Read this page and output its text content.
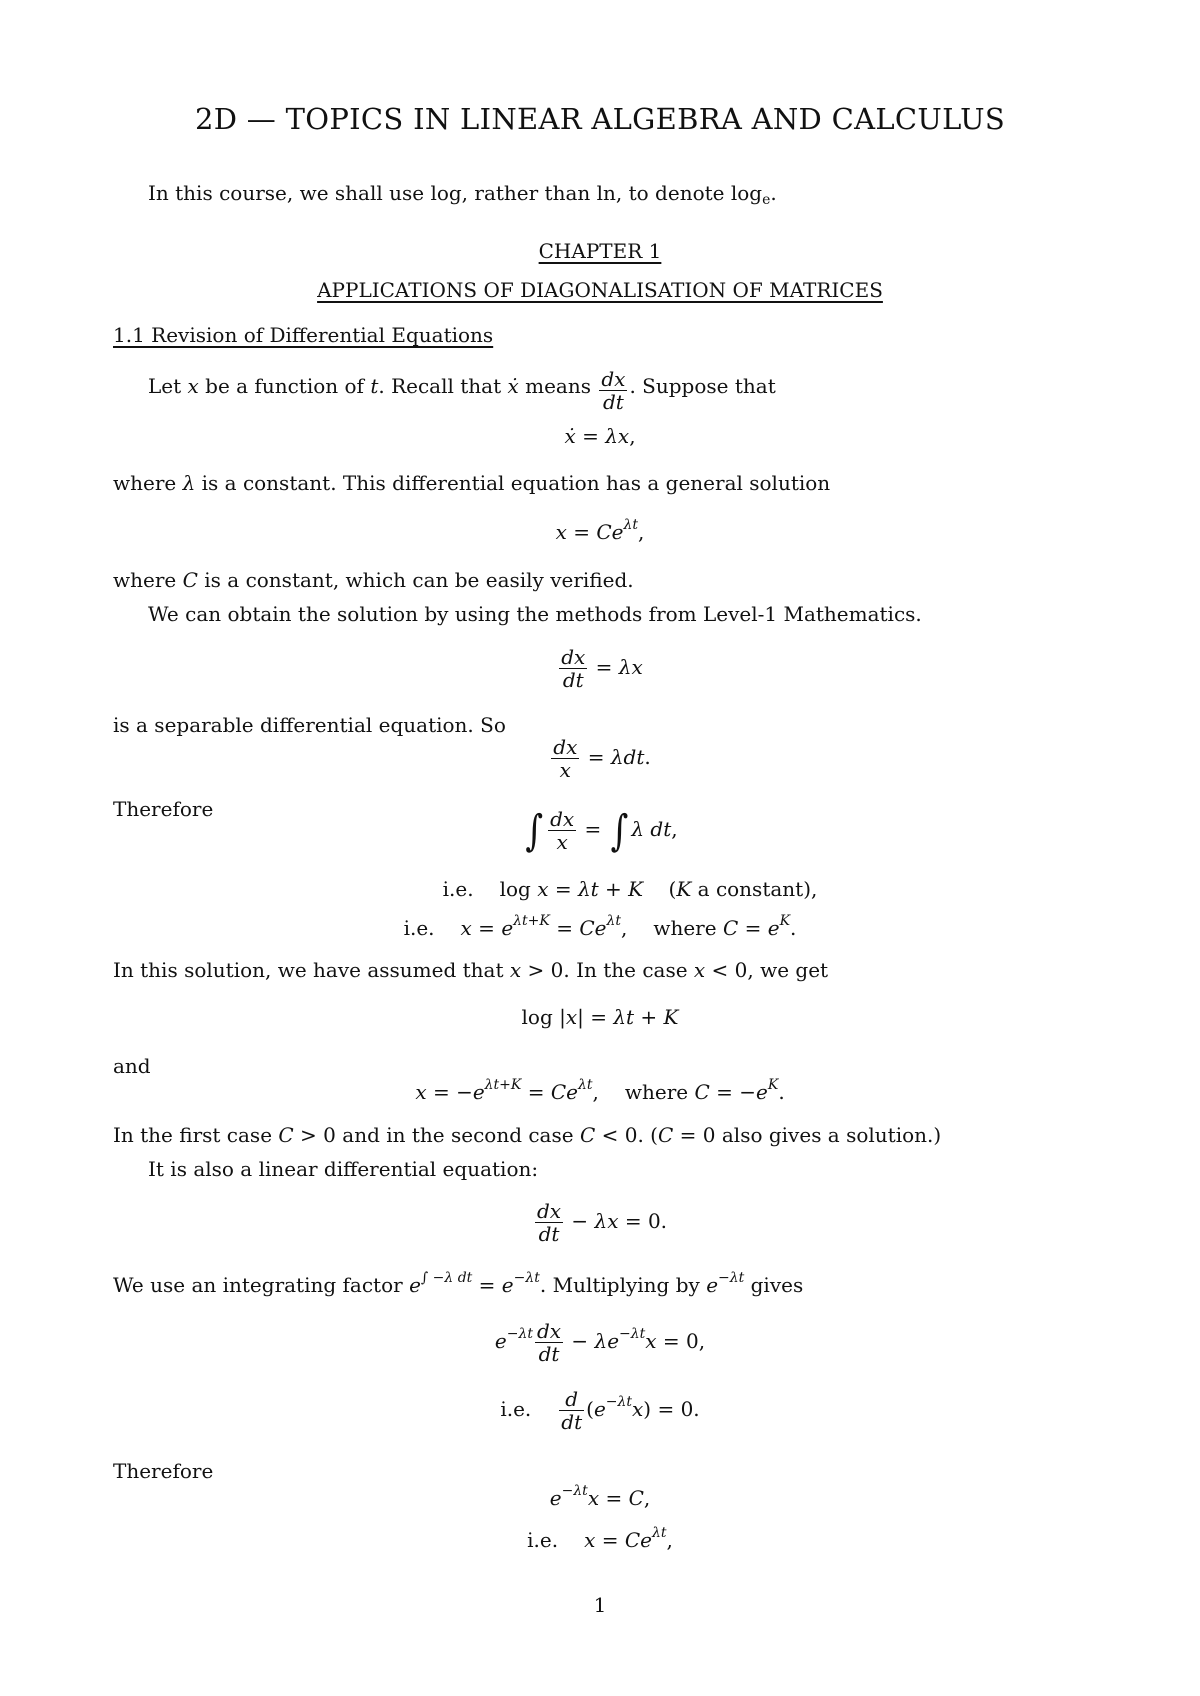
2D — TOPICS IN LINEAR ALGEBRA AND CALCULUS
In this course, we shall use log, rather than ln, to denote $\log_e$.
CHAPTER 1
APPLICATIONS OF DIAGONALISATION OF MATRICES
1.1 Revision of Differential Equations
Let x be a function of t. Recall that ẋ means $\frac{dx}{dt}$ . Suppose that
ẋ = λx,
where λ is a constant. This differential equation has a general solution
$x = Ce^{\lambda t}$,
where C is a constant, which can be easily verified.
We can obtain the solution by using the methods from Level-1 Mathematics.
$\frac{dx}{dt} = \lambda x$
is a separable differential equation. So
$\frac{dx}{x} = \lambda dt$.
Therefore	∫ $\frac{dx}{x}$ = ∫ λ dt,
i.e. log x = λt + K    (K a constant),
i.e. $x = e^{\lambda t+K} = Ce^{\lambda t}$, where $C = e^K$.
In this solution, we have assumed that x > 0. In the case x < 0, we get
log |x| = λt + K
and
$x = -e^{\lambda t+K} = Ce^{\lambda t}$, where $C = -e^K$.
In the first case C > 0 and in the second case C < 0. (C = 0 also gives a solution.)
It is also a linear differential equation:
$\frac{dx}{dt} - \lambda x = 0$.
We use an integrating factor $e^{\int -\lambda dt} = e^{-\lambda t}$. Multiplying by $e^{-\lambda t}$ gives
$e^{-\lambda t} \frac{dx}{dt} - \lambda e^{-\lambda t}x = 0$,
i.e. $\frac{d}{dt} (e^{-\lambda t}x) = 0$.
Therefore
$e^{-\lambda t}x = C$,
i.e. $x = Ce^{\lambda t}$,
1
